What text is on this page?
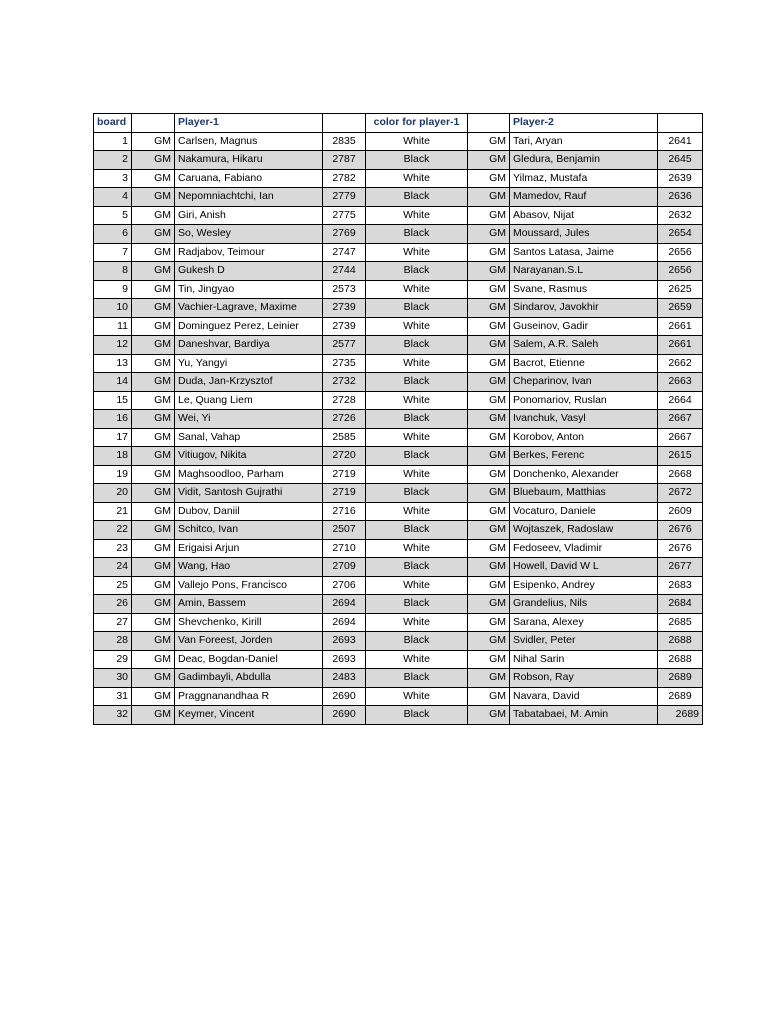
board		Player-1		color for player-1		Player-2	
1	GM	Carlsen, Magnus	2835	White	GM	Tari, Aryan	2641
2	GM	Nakamura, Hikaru	2787	Black	GM	Gledura, Benjamin	2645
3	GM	Caruana, Fabiano	2782	White	GM	Yilmaz, Mustafa	2639
4	GM	Nepomniachtchi, Ian	2779	Black	GM	Mamedov, Rauf	2636
5	GM	Giri, Anish	2775	White	GM	Abasov, Nijat	2632
6	GM	So, Wesley	2769	Black	GM	Moussard, Jules	2654
7	GM	Radjabov, Teimour	2747	White	GM	Santos Latasa, Jaime	2656
8	GM	Gukesh D	2744	Black	GM	Narayanan.S.L	2656
9	GM	Tin, Jingyao	2573	White	GM	Svane, Rasmus	2625
10	GM	Vachier-Lagrave, Maxime	2739	Black	GM	Sindarov, Javokhir	2659
11	GM	Dominguez Perez, Leinier	2739	White	GM	Guseinov, Gadir	2661
12	GM	Daneshvar, Bardiya	2577	Black	GM	Salem, A.R. Saleh	2661
13	GM	Yu, Yangyi	2735	White	GM	Bacrot, Etienne	2662
14	GM	Duda, Jan-Krzysztof	2732	Black	GM	Cheparinov, Ivan	2663
15	GM	Le, Quang Liem	2728	White	GM	Ponomariov, Ruslan	2664
16	GM	Wei, Yi	2726	Black	GM	Ivanchuk, Vasyl	2667
17	GM	Sanal, Vahap	2585	White	GM	Korobov, Anton	2667
18	GM	Vitiugov, Nikita	2720	Black	GM	Berkes, Ferenc	2615
19	GM	Maghsoodloo, Parham	2719	White	GM	Donchenko, Alexander	2668
20	GM	Vidit, Santosh Gujrathi	2719	Black	GM	Bluebaum, Matthias	2672
21	GM	Dubov, Daniil	2716	White	GM	Vocaturo, Daniele	2609
22	GM	Schitco, Ivan	2507	Black	GM	Wojtaszek, Radoslaw	2676
23	GM	Erigaisi Arjun	2710	White	GM	Fedoseev, Vladimir	2676
24	GM	Wang, Hao	2709	Black	GM	Howell, David W L	2677
25	GM	Vallejo Pons, Francisco	2706	White	GM	Esipenko, Andrey	2683
26	GM	Amin, Bassem	2694	Black	GM	Grandelius, Nils	2684
27	GM	Shevchenko, Kirill	2694	White	GM	Sarana, Alexey	2685
28	GM	Van Foreest, Jorden	2693	Black	GM	Svidler, Peter	2688
29	GM	Deac, Bogdan-Daniel	2693	White	GM	Nihal Sarin	2688
30	GM	Gadimbayli, Abdulla	2483	Black	GM	Robson, Ray	2689
31	GM	Praggnanandhaa R	2690	White	GM	Navara, David	2689
32	GM	Keymer, Vincent	2690	Black	GM	Tabatabaei, M. Amin	2689
